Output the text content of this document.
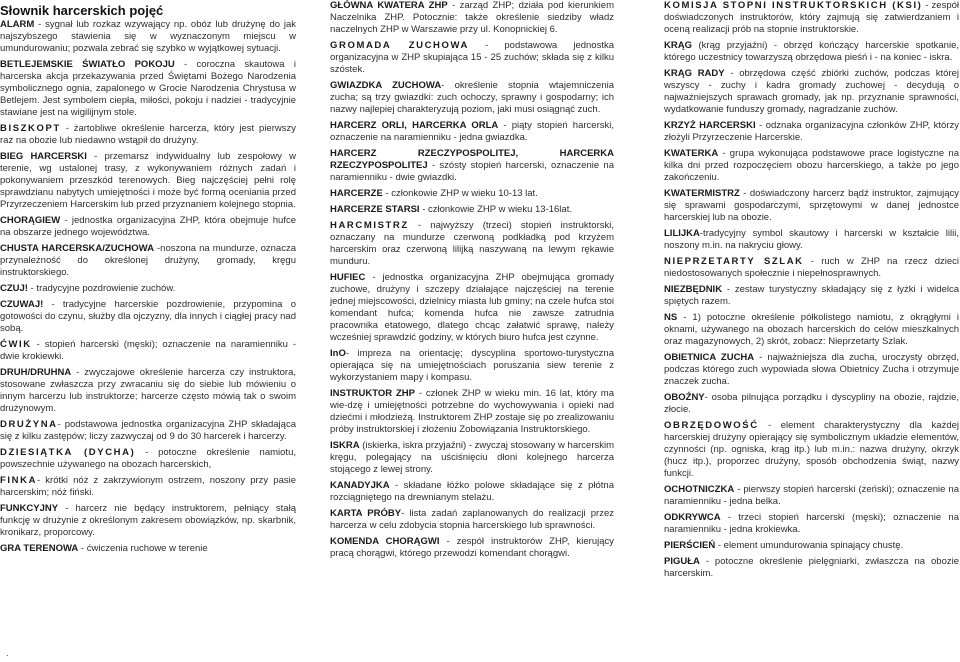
Słownik harcerskich pojęć

ALARM - sygnał lub rozkaz wzywający np. obóz lub drużynę do jak najszybszego stawienia się w wyznaczonym miejscu w umundurowaniu; pozwala zebrać się szybko w wyjątkowej sytuacji.

BETLEJEMSKIE ŚWIATŁO POKOJU - coroczna skautowa i harcerska akcja przekazywania przed Świętami Bożego Narodzenia symbolicznego ognia, zapalonego w Grocie Narodzenia Chrystusa w Betlejem. Jest symbolem ciepła, miłości, pokoju i nadziei - tradycyjnie stawiane jest na wigilijnym stole.

BISZKOPT - żartobliwe określenie harcerza, który jest pierwszy raz na obozie lub niedawno wstąpił do drużyny.

BIEG HARCERSKI - przemarsz indywidualny lub zespołowy w terenie, wg ustalonej trasy, z wykonywaniem różnych zadań i pokonywaniem przeszkód terenowych. Bieg najczęściej pełni rolę sprawdzianu nabytych umiejętności i może być formą oceniania przed Przyrzeczeniem Harcerskim lub przed przyznaniem kolejnego stopnia.

CHORĄGIEW - jednostka organizacyjna ZHP, która obejmuje hufce na obszarze jednego województwa.

CHUSTA HARCERSKA/ZUCHOWA -noszona na mundurze, oznacza przynależność do określonej drużyny, gromady, kręgu instruktorskiego.

CZUJ! - tradycyjne pozdrowienie zuchów.

CZUWAJ! - tradycyjne harcerskie pozdrowienie, przypomina o gotowości do czynu, służby dla ojczyzny, dla innych i ciągłej pracy nad sobą.

ĆWIK - stopień harcerski (męski); oznaczenie na naramienniku -dwie krokiewki.

DRUH/DRUHNA - zwyczajowe określenie harcerza czy instruktora, stosowane zwłaszcza przy zwracaniu się do siebie lub mówieniu o innym harcerzu lub instruktorze; harcerze często mówią tak o swoim drużynowym.

DRUŻYNA- podstawowa jednostka organizacyjna ZHP składająca się z kilku zastępów; liczy zazwyczaj od 9 do 30 harcerek i harcerzy.

DZIESIĄTKA (DYCHA) - potoczne określenie namiotu, powszechnie używanego na obozach harcerskich,

FINKA- krótki nóż z zakrzywionym ostrzem, noszony przy pasie harcerskim; nóż fiński.

FUNKCYJNY - harcerz nie będący instruktorem, pełniący stałą funkcję w drużynie z określonym zakresem obowiązków, np. skarbnik, kronikarz, proporcowy.

GRA TERENOWA - ćwiczenia ruchowe w terenie

GŁÓWNA KWATERA ZHP - zarząd ZHP; działa pod kierunkiem Naczelnika ZHP. Potocznie: także określenie siedziby władz naczelnych ZHP w Warszawie przy ul. Konopnickiej 6.

GROMADA ZUCHOWA - podstawowa jednostka organizacyjna w ZHP skupiająca 15 - 25 zuchów; składa się z kilku szóstek.

GWIAZDKA ZUCHOWA- określenie stopnia wtajemniczenia zucha; są trzy gwiazdki: zuch ochoczy, sprawny i gospodarny; ich nazwy najlepiej charakteryzują poziom, jaki musi osiągnąć zuch.

HARCERZ ORLI, HARCERKA ORLA - piąty stopień harcerski, oznaczenie na naramienniku - jedna gwiazdka.

HARCERZ RZECZYPOSPOLITEJ, HARCERKA RZECZYPOSPOLITEJ - szósty stopień harcerski, oznaczenie na naramienniku - dwie gwiazdki.

HARCERZE - członkowie ZHP w wieku 10-13 lat.

HARCERZE STARSI - członkowie ZHP w wieku 13-16lat.

HARCMISTRZ - najwyższy (trzeci) stopień instruktorski, oznaczany na mundurze czerwoną podkładką pod krzyżem harcerskim oraz czerwoną lilijką naszywaną na lewym rękawie munduru.

HUFIEC - jednostka organizacyjna ZHP obejmująca gromady zuchowe, drużyny i szczepy działające najczęściej na terenie jednej miejscowości, dzielnicy miasta lub gminy; na czele hufca stoi komendant hufca; komenda hufca nie zawsze zatrudnia pracownika etatowego, dlatego chcąc załatwić sprawę, należy wcześniej sprawdzić godziny, w których biuro hufca jest czynne.

InO- impreza na orientację; dyscyplina sportowo-turystyczna opierająca się na umiejętnościach poruszania siew terenie z wykorzystaniem mapy i kompasu.

INSTRUKTOR ZHP - członek ZHP w wieku min. 16 lat, który ma wie-dzę i umiejętności potrzebne do wychowywania i opieki nad dziećmi i młodzieżą. Instruktorem ZHP zostaje się po zrealizowaniu próby instruktorskiej i złożeniu Zobowiązania Instruktorskiego.

ISKRA (iskierka, iskra przyjaźni) - zwyczaj stosowany w harcerskim kręgu, polegający na uściśnięciu dłoni kolejnego harcerza stojącego z lewej strony.

KANADYJKA - składane łóżko polowe składające się z płótna rozciągniętego na drewnianym stelażu.

KARTA PRÓBY- lista zadań zaplanowanych do realizacji przez harcerza w celu zdobycia stopnia harcerskiego lub sprawności.

KOMENDA CHORĄGWI - zespół instruktorów ZHP, kierujący pracą chorągwi, którego przewodzi komendant chorągwi.

KOMISJA STOPNI INSTRUKTORSKICH (KSI) - zespół doświadczonych instruktorów, który zajmują się zatwierdzaniem i oceną realizacji prób na stopnie instruktorskie.

KRĄG (krąg przyjaźni) - obrzęd kończący harcerskie spotkanie, którego uczestnicy towarzyszą obrzędowa pieśń i - na koniec - iskra.

KRĄG RADY - obrzędowa część zbiórki zuchów, podczas której wszyscy - zuchy i kadra gromady zuchowej - decydują o najważniejszych sprawach gromady, jak np. przyznanie sprawności, wydatkowanie funduszy gromady, nagradzanie zuchów.

KRZYŻ HARCERSKI - odznaka organizacyjna członków ZHP, którzy złożyli Przyrzeczenie Harcerskie.

KWATERKA - grupa wykonująca podstawowe prace logistyczne na kilka dni przed rozpoczęciem obozu harcerskiego, a także po jego zakończeniu.

KWATERMISTRZ - doświadczony harcerz bądź instruktor, zajmujący się sprawami gospodarczymi, sprzętowymi w danej jednostce harcerskiej lub na obozie.

LILIJKA-tradycyjny symbol skautowy i harcerski w kształcie lilii, noszony m.in. na nakryciu głowy.

NIEPRZETARTY SZLAK - ruch w ZHP na rzecz dzieci niedostosowanych społecznie i niepełnosprawnych.

NIEZBĘDNIK - zestaw turystyczny składający się z łyżki i widelca spiętych razem.

NS - 1) potoczne określenie półkolistego namiotu, z okrągłymi i oknami, używanego na obozach harcerskich do celów mieszkalnych oraz magazynowych, 2) skrót, zobacz: Nieprzetarty Szlak.

OBIETNICA ZUCHA - najważniejsza dla zucha, uroczysty obrzęd, podczas którego zuch wypowiada słowa Obietnicy Zucha i otrzymuje znaczek zucha.

OBOŹNY- osoba pilnująca porządku i dyscypliny na obozie, rajdzie, złocie.

OBRZĘDOWOŚĆ - element charakterystyczny dla każdej harcerskiej drużyny opierający się symbolicznym układzie elementów, czynności (np. ogniska, krąg itp.) lub m.in.: nazwa drużyny, okrzyk (hucz itp.), proporzec drużyny, sposób obchodzenia świąt, nazwy funkcji.

OCHOTNICZKA - pierwszy stopień harcerski (żeński); oznaczenie na naramienniku - jedna belka.

ODKRYWCA - trzeci stopień harcerski (męski); oznaczenie na naramienniku - jedna krokiewka.

PIERŚCIEŃ - element umundurowania spinający chustę.

PIGUŁA - potoczne określenie pielęgniarki, zwłaszcza na obozie harcerskim.

.
